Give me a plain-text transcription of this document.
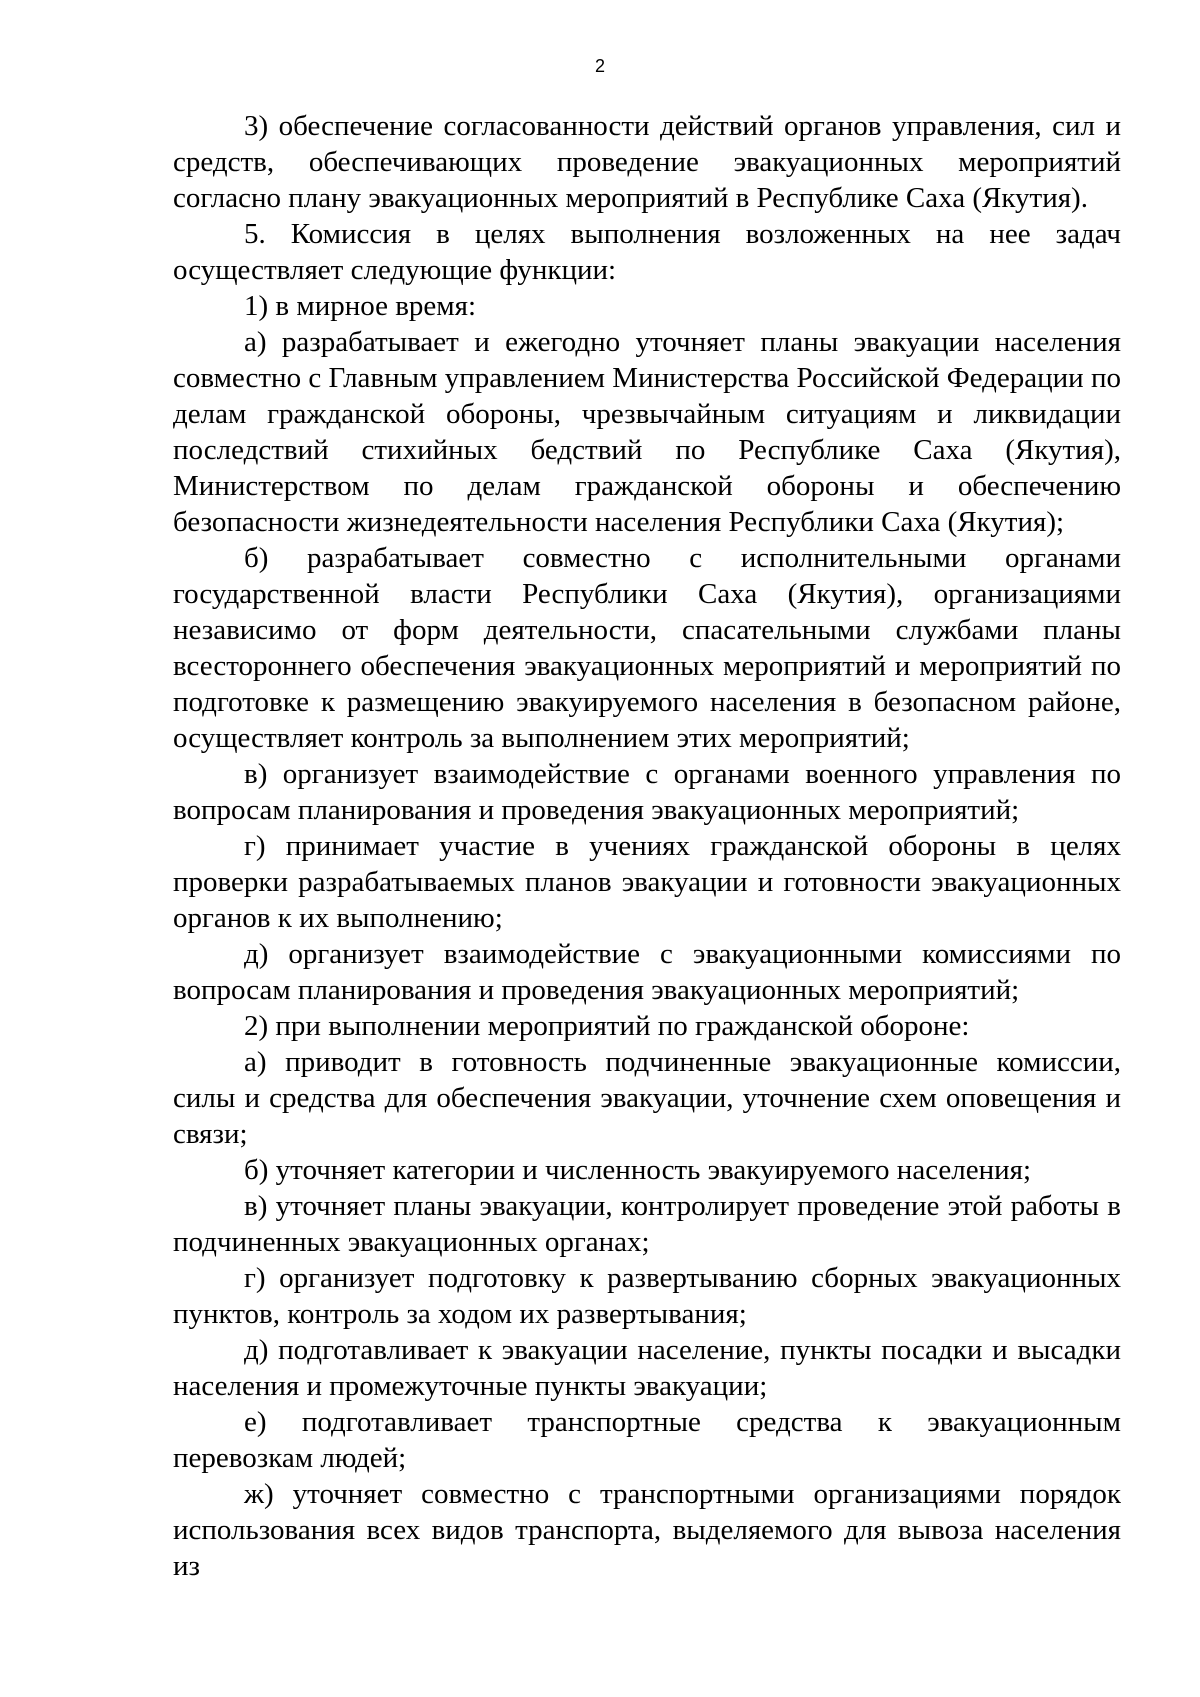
2

3) обеспечение согласованности действий органов управления, сил и средств, обеспечивающих проведение эвакуационных мероприятий согласно плану эвакуационных мероприятий в Республике Саха (Якутия).

5. Комиссия в целях выполнения возложенных на нее задач осуществляет следующие функции:

1) в мирное время:

а) разрабатывает и ежегодно уточняет планы эвакуации населения совместно с Главным управлением Министерства Российской Федерации по делам гражданской обороны, чрезвычайным ситуациям и ликвидации последствий стихийных бедствий по Республике Саха (Якутия), Министерством по делам гражданской обороны и обеспечению безопасности жизнедеятельности населения Республики Саха (Якутия);

б) разрабатывает совместно с исполнительными органами государственной власти Республики Саха (Якутия), организациями независимо от форм деятельности, спасательными службами планы всестороннего обеспечения эвакуационных мероприятий и мероприятий по подготовке к размещению эвакуируемого населения в безопасном районе, осуществляет контроль за выполнением этих мероприятий;

в) организует взаимодействие с органами военного управления по вопросам планирования и проведения эвакуационных мероприятий;

г) принимает участие в учениях гражданской обороны в целях проверки разрабатываемых планов эвакуации и готовности эвакуационных органов к их выполнению;

д) организует взаимодействие с эвакуационными комиссиями по вопросам планирования и проведения эвакуационных мероприятий;

2) при выполнении мероприятий по гражданской обороне:

а) приводит в готовность подчиненные эвакуационные комиссии, силы и средства для обеспечения эвакуации, уточнение схем оповещения и связи;

б) уточняет категории и численность эвакуируемого населения;

в) уточняет планы эвакуации, контролирует проведение этой работы в подчиненных эвакуационных органах;

г) организует подготовку к развертыванию сборных эвакуационных пунктов, контроль за ходом их развертывания;

д) подготавливает к эвакуации население, пункты посадки и высадки населения и промежуточные пункты эвакуации;

е) подготавливает транспортные средства к эвакуационным перевозкам людей;

ж) уточняет совместно с транспортными организациями порядок использования всех видов транспорта, выделяемого для вывоза населения из
